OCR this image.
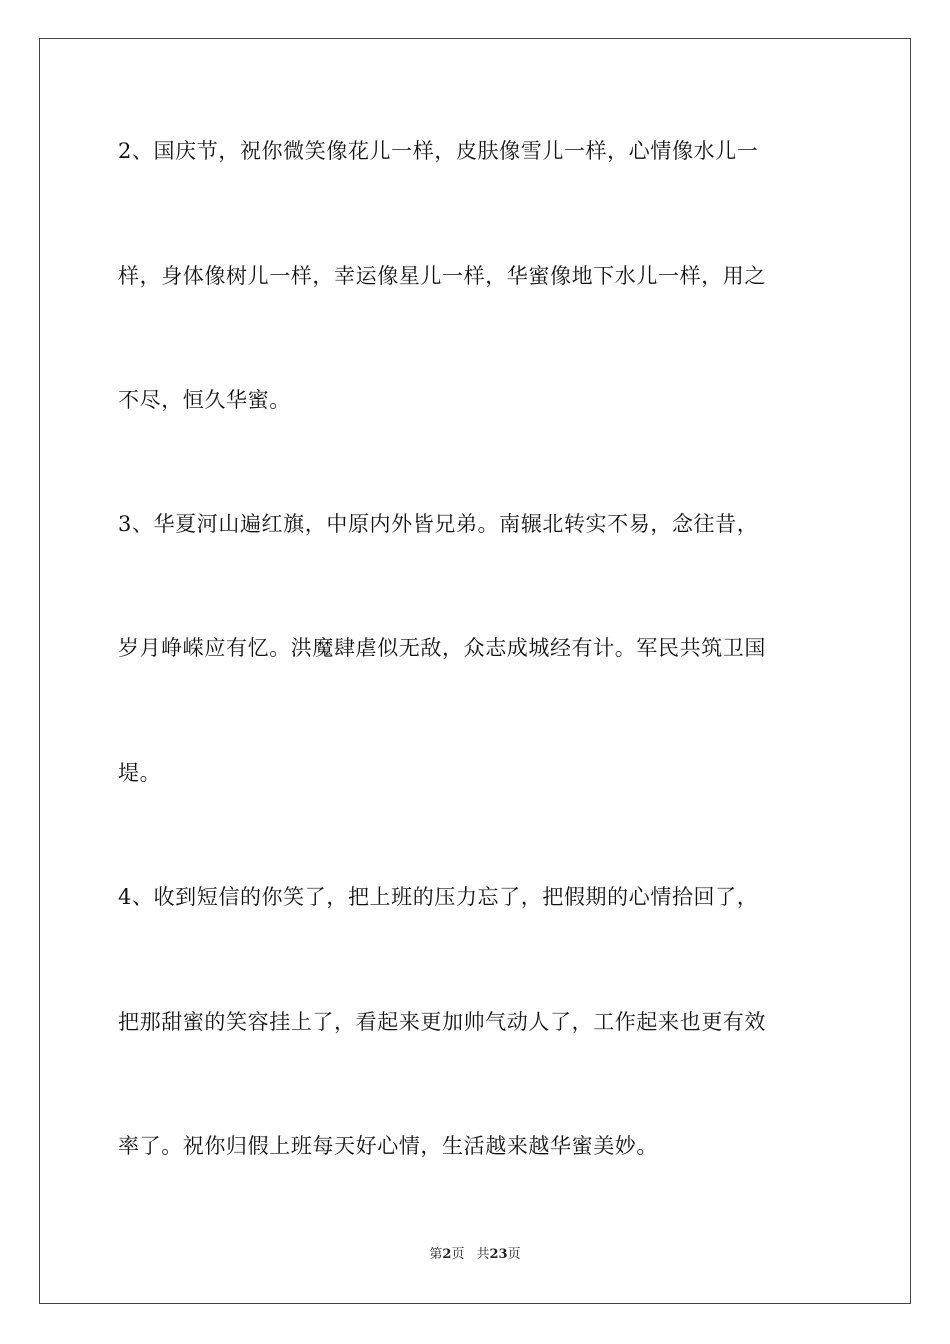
2、国庆节，祝你微笑像花儿一样，皮肤像雪儿一样，心情像水儿一
样，身体像树儿一样，幸运像星儿一样，华蜜像地下水儿一样，用之
不尽，恒久华蜜。
3、华夏河山遍红旗，中原内外皆兄弟。南辗北转实不易，念往昔，
岁月峥嵘应有忆。洪魔肆虐似无敌，众志成城经有计。军民共筑卫国
堤。
4、收到短信的你笑了，把上班的压力忘了，把假期的心情拾回了，
把那甜蜜的笑容挂上了，看起来更加帅气动人了，工作起来也更有效
率了。祝你归假上班每天好心情，生活越来越华蜜美妙。
第2页 共23页
